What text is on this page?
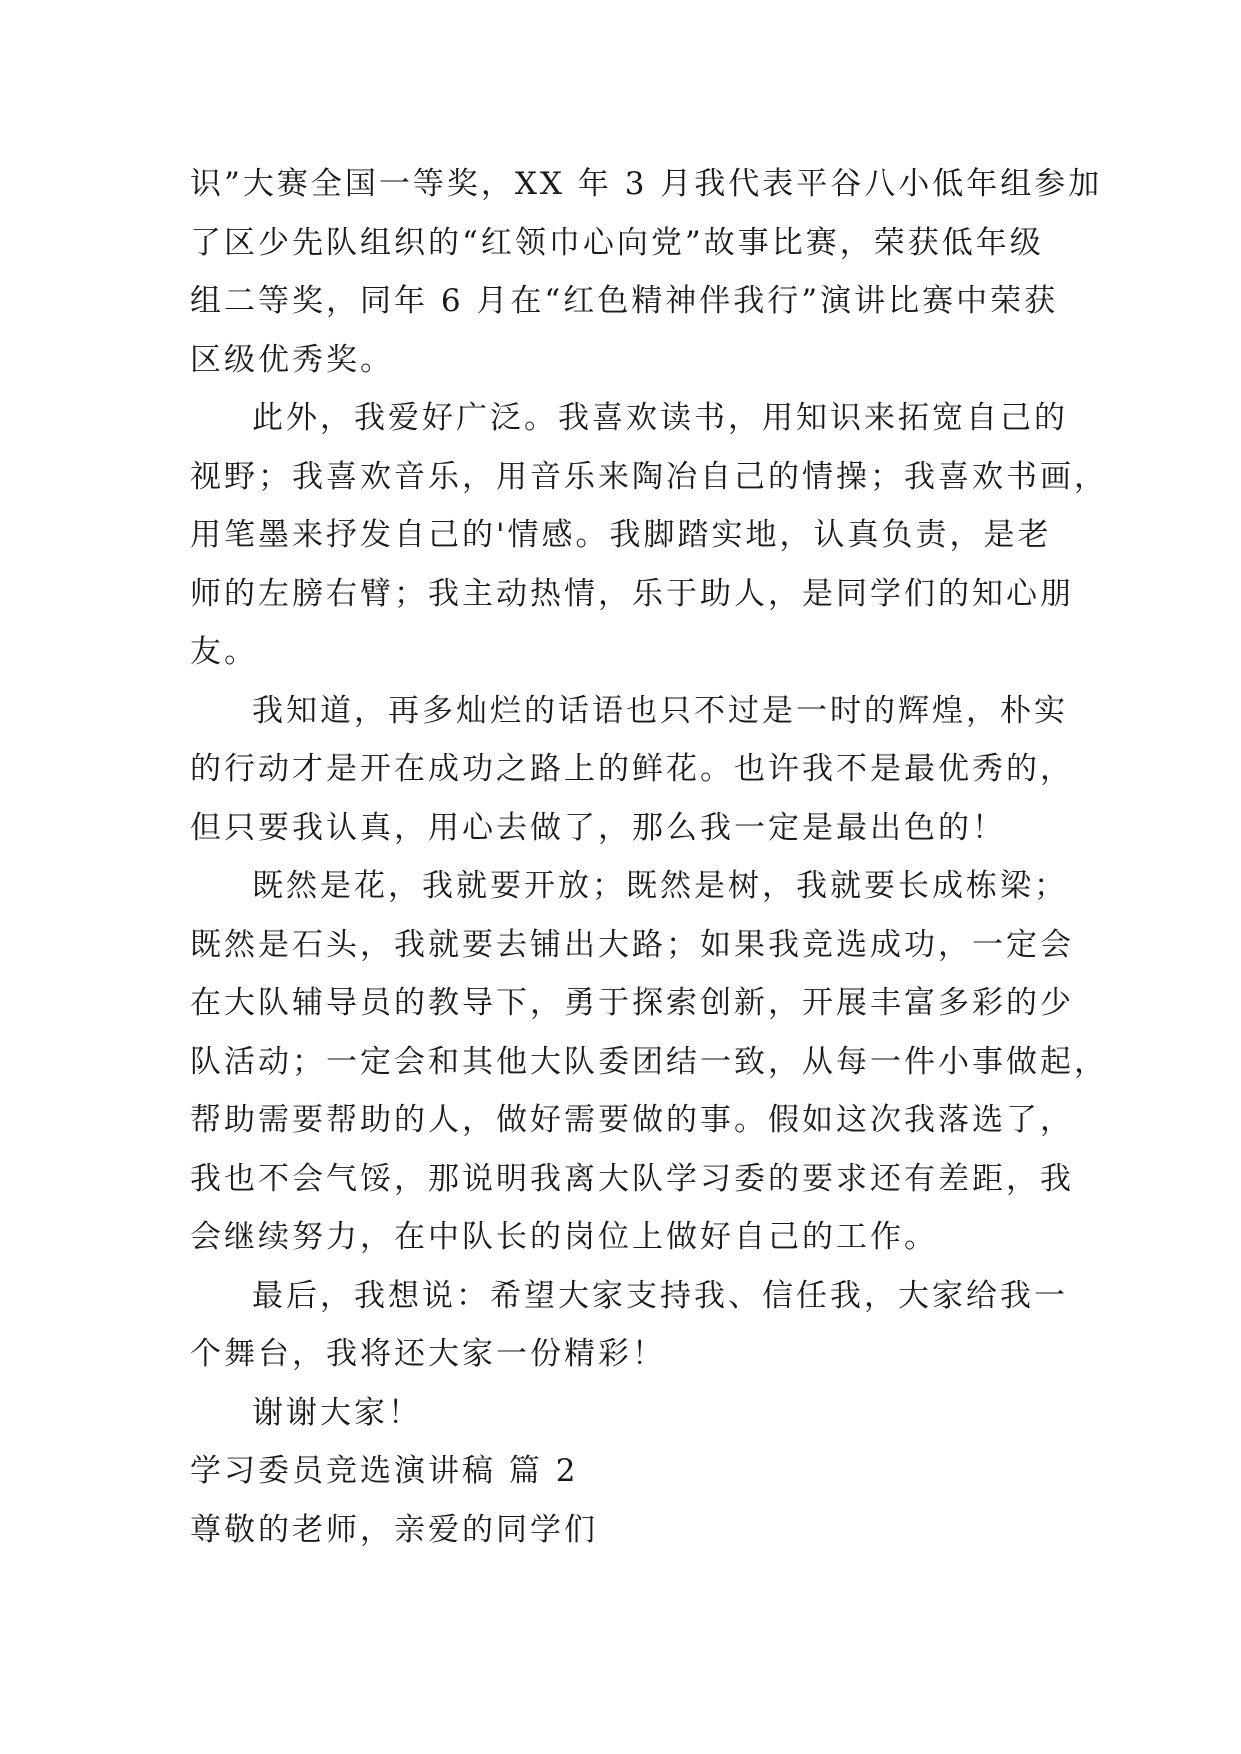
识”大赛全国一等奖，XX 年 3 月我代表平谷八小低年组参加
了区少先队组织的“红领巾心向党”故事比赛，荣获低年级
组二等奖，同年 6 月在“红色精神伴我行”演讲比赛中荣获
区级优秀奖。
此外，我爱好广泛。我喜欢读书，用知识来拓宽自己的
视野；我喜欢音乐，用音乐来陶冶自己的情操；我喜欢书画，
用笔墨来抒发自己的'情感。我脚踏实地，认真负责，是老
师的左膀右臂；我主动热情，乐于助人，是同学们的知心朋
友。
我知道，再多灿烂的话语也只不过是一时的辉煌，朴实
的行动才是开在成功之路上的鲜花。也许我不是最优秀的，
但只要我认真，用心去做了，那么我一定是最出色的！
既然是花，我就要开放；既然是树，我就要长成栋梁；
既然是石头，我就要去铺出大路；如果我竞选成功，一定会
在大队辅导员的教导下，勇于探索创新，开展丰富多彩的少
队活动；一定会和其他大队委团结一致，从每一件小事做起，
帮助需要帮助的人，做好需要做的事。假如这次我落选了，
我也不会气馁，那说明我离大队学习委的要求还有差距，我
会继续努力，在中队长的岗位上做好自己的工作。
最后，我想说：希望大家支持我、信任我，大家给我一
个舞台，我将还大家一份精彩！
谢谢大家！
学习委员竞选演讲稿 篇 2
尊敬的老师，亲爱的同学们
